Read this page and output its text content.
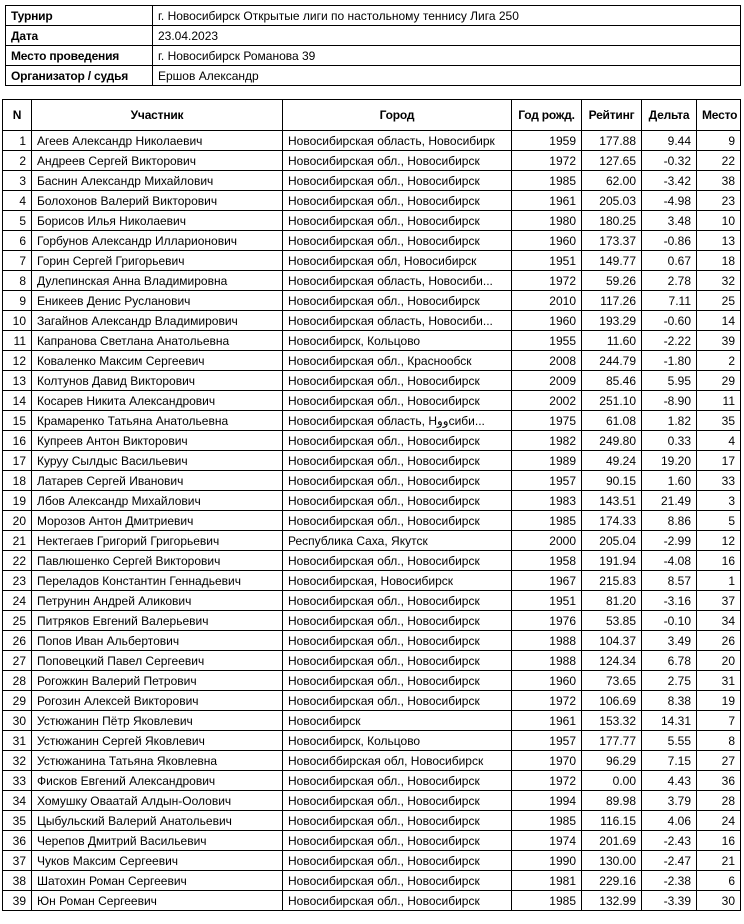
Турнир	г. Новосибирск Открытые лиги по настольному теннису Лига 250
Дата	23.04.2023
Место проведения	г. Новосибирск Романова 39
Организатор / судья	Ершов Александр
N	Участник	Город	Год рожд.	Рейтинг	Дельта	Место
1	Агеев Александр Николаевич	Новосибирская область, Новосибирк	1959	177.88	9.44	9
2	Андреев Сергей Викторович	Новосибирская обл., Новосибирск	1972	127.65	-0.32	22
3	Баснин Александр Михайлович	Новосибирская обл., Новосибирск	1985	62.00	-3.42	38
4	Болохонов Валерий Викторович	Новосибирская обл., Новосибирск	1961	205.03	-4.98	23
5	Борисов Илья Николаевич	Новосибирская обл., Новосибирск	1980	180.25	3.48	10
6	Горбунов Александр Илларионович	Новосибирская обл., Новосибирск	1960	173.37	-0.86	13
7	Горин Сергей Григорьевич	Новосибирская обл, Новосибирск	1951	149.77	0.67	18
8	Дулепинская Анна Владимировна	Новосибирская область, Новосиби...	1972	59.26	2.78	32
9	Еникеев Денис Русланович	Новосибирская обл., Новосибирск	2010	117.26	7.11	25
10	Загайнов Александр Владимирович	Новосибирская область, Новосиби...	1960	193.29	-0.60	14
11	Капранова Светлана Анатольевна	Новосибирск, Кольцово	1955	11.60	-2.22	39
12	Коваленко Максим Сергеевич	Новосибирская обл., Краснообск	2008	244.79	-1.80	2
13	Колтунов Давид Викторович	Новосибирская обл., Новосибирск	2009	85.46	5.95	29
14	Косарев Никита Александрович	Новосибирская обл., Новосибирск	2002	251.10	-8.90	11
15	Крамаренко Татьяна Анатольевна	Новосибирская область, Нووсиби...	1975	61.08	1.82	35
16	Купреев Антон Викторович	Новосибирская обл., Новосибирск	1982	249.80	0.33	4
17	Куруу Сылдыс Васильевич	Новосибирская обл., Новосибирск	1989	49.24	19.20	17
18	Латарев Сергей Иванович	Новосибирская обл., Новосибирск	1957	90.15	1.60	33
19	Лбов Александр Михайлович	Новосибирская обл., Новосибирск	1983	143.51	21.49	3
20	Морозов Антон Дмитриевич	Новосибирская обл., Новосибирск	1985	174.33	8.86	5
21	Нектегаев Григорий Григорьевич	Республика Саха, Якутск	2000	205.04	-2.99	12
22	Павлюшенко Сергей Викторович	Новосибирская обл., Новосибирск	1958	191.94	-4.08	16
23	Переладов Константин Геннадьевич	Новосибирская, Новосибирск	1967	215.83	8.57	1
24	Петрунин Андрей Аликович	Новосибирская обл., Новосибирск	1951	81.20	-3.16	37
25	Питряков Евгений Валерьевич	Новосибирская обл., Новосибирск	1976	53.85	-0.10	34
26	Попов Иван Альбертович	Новосибирская обл., Новосибирск	1988	104.37	3.49	26
27	Поповецкий Павел Сергеевич	Новосибирская обл., Новосибирск	1988	124.34	6.78	20
28	Рогожкин Валерий Петрович	Новосибирская обл., Новосибирск	1960	73.65	2.75	31
29	Рогозин Алексей Викторович	Новосибирская обл., Новосибирск	1972	106.69	8.38	19
30	Устюжанин Пётр Яковлевич	Новосибирск	1961	153.32	14.31	7
31	Устюжанин Сергей Яковлевич	Новосибирск, Кольцово	1957	177.77	5.55	8
32	Устюжанина Татьяна Яковлевна	Новосиббирская обл, Новосибирск	1970	96.29	7.15	27
33	Фисков Евгений Александрович	Новосибирская обл., Новосибирск	1972	0.00	4.43	36
34	Хомушку Оваатай Алдын-Оолович	Новосибирская обл., Новосибирск	1994	89.98	3.79	28
35	Цыбульский Валерий Анатольевич	Новосибирская обл., Новосибирск	1985	116.15	4.06	24
36	Черепов Дмитрий Васильевич	Новосибирская обл., Новосибирск	1974	201.69	-2.43	16
37	Чуков Максим Сергеевич	Новосибирская обл., Новосибирск	1990	130.00	-2.47	21
38	Шатохин Роман Сергеевич	Новосибирская обл., Новосибирск	1981	229.16	-2.38	6
39	Юн Роман Сергеевич	Новосибирская обл., Новосибирск	1985	132.99	-3.39	30
